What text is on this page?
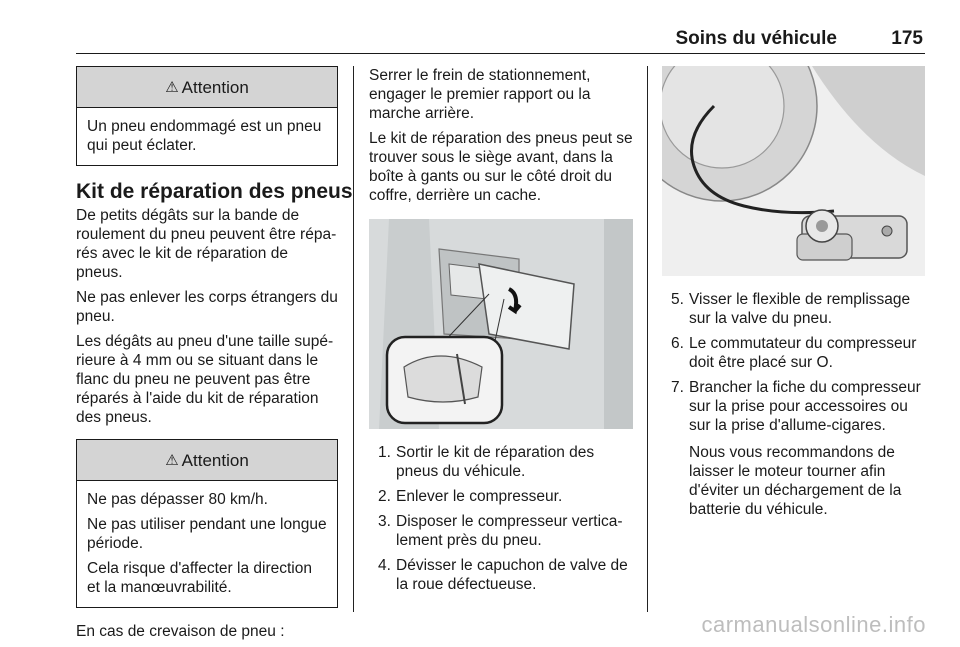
Soins du véhicule	175
⚠ Attention

Un pneu endommagé est un pneu qui peut éclater.

Kit de réparation des pneus

De petits dégâts sur la bande de roulement du pneu peuvent être répa- rés avec le kit de réparation de pneus.

Ne pas enlever les corps étrangers du pneu.

Les dégâts au pneu d'une taille supé- rieure à 4 mm ou se situant dans le flanc du pneu ne peuvent pas être réparés à l'aide du kit de réparation des pneus.

⚠ Attention

Ne pas dépasser 80 km/h.

Ne pas utiliser pendant une longue période.

Cela risque d'affecter la direction et la manœuvrabilité.

En cas de crevaison de pneu :

Serrer le frein de stationnement, engager le premier rapport ou la marche arrière.

Le kit de réparation des pneus peut se trouver sous le siège avant, dans la boîte à gants ou sur le côté droit du coffre, derrière un cache.

1. Sortir le kit de réparation des pneus du véhicule.
2. Enlever le compresseur.
3. Disposer le compresseur vertica- lement près du pneu.
4. Dévisser le capuchon de valve de la roue défectueuse.
5. Visser le flexible de remplissage sur la valve du pneu.
6. Le commutateur du compresseur doit être placé sur O.
7. Brancher la fiche du compresseur sur la prise pour accessoires ou sur la prise d'allume-cigares.

Nous vous recommandons de laisser le moteur tourner afin d'éviter un déchargement de la batterie du véhicule.

carmanualsonline.info
